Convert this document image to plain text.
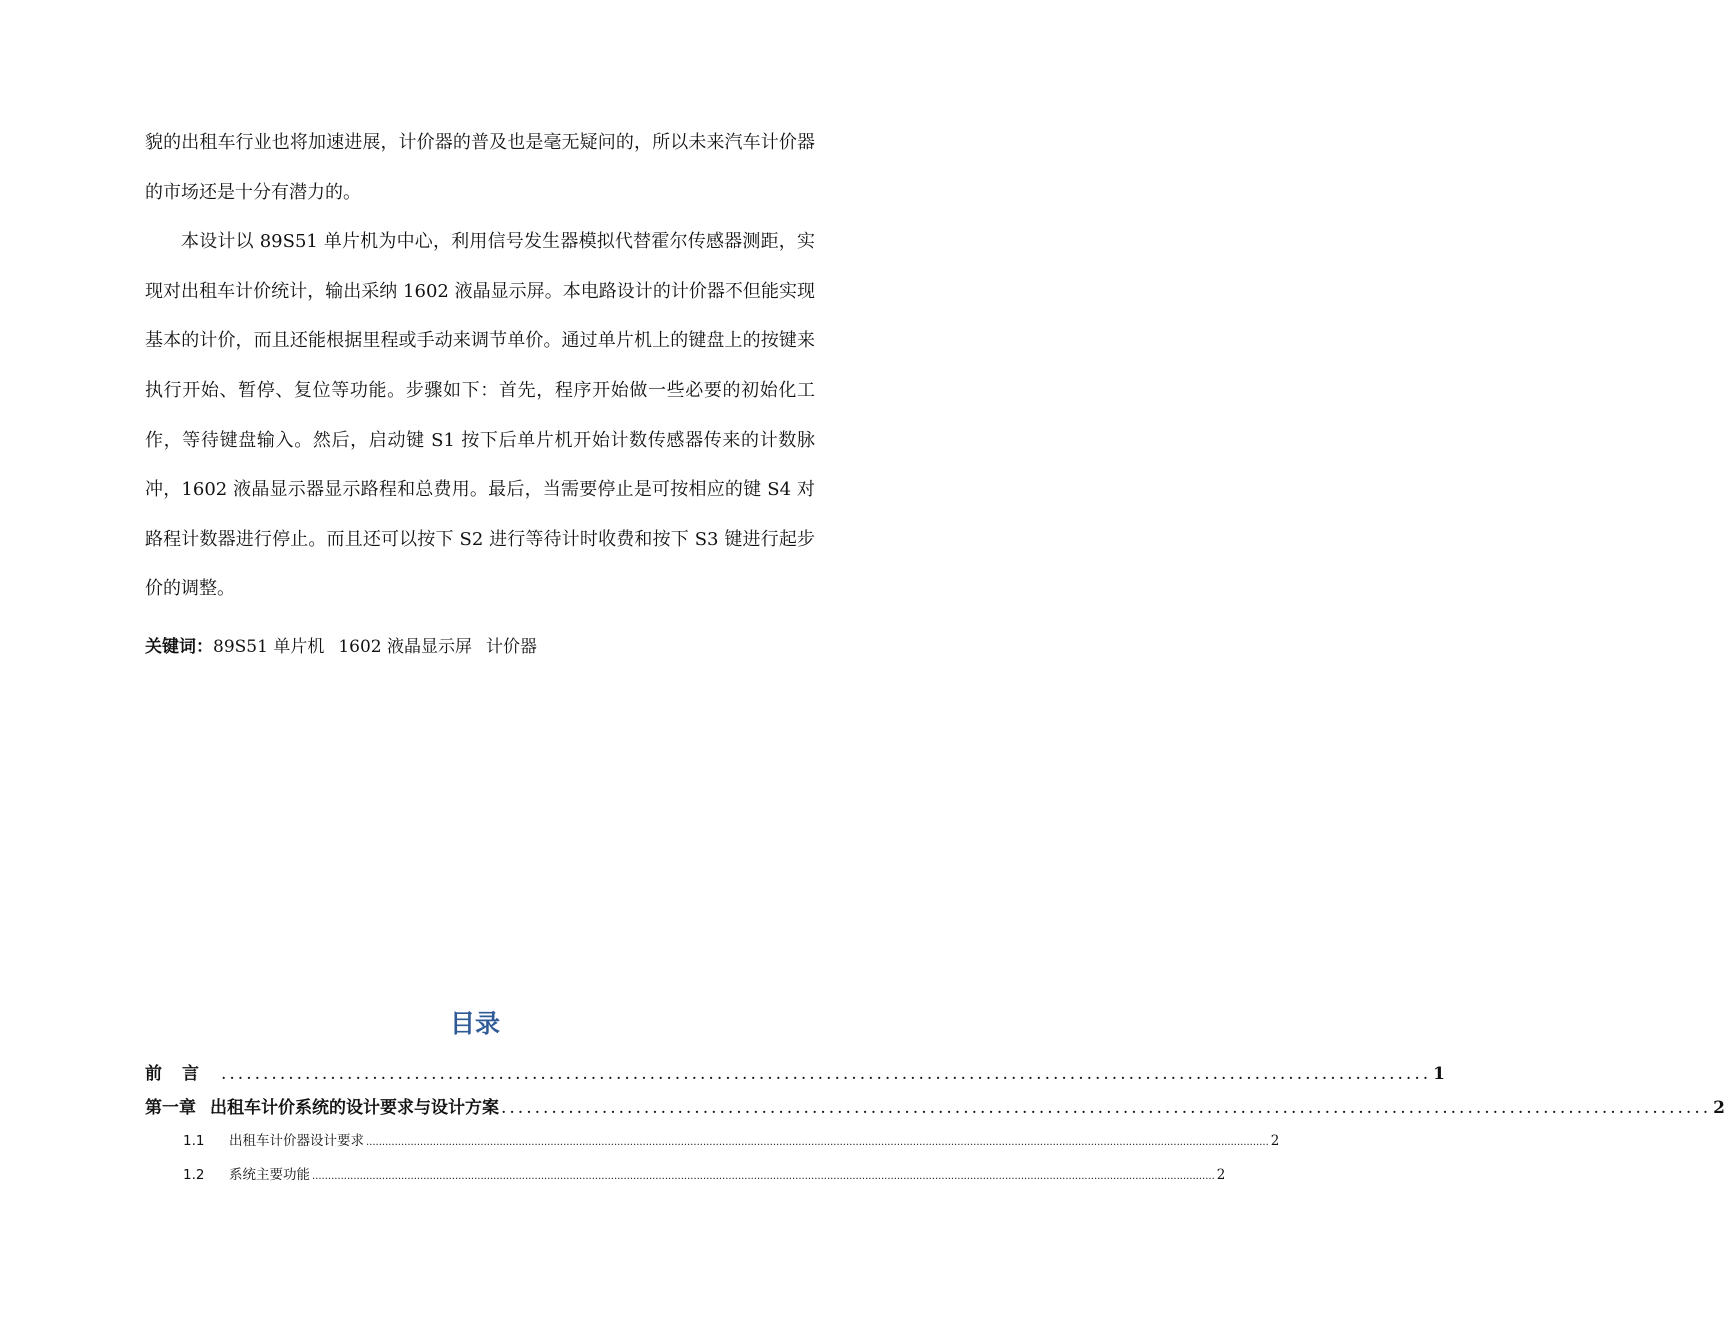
貌的出租车行业也将加速进展，计价器的普及也是毫无疑问的，所以未来汽车计价器的市场还是十分有潜力的。

本设计以 89S51 单片机为中心，利用信号发生器模拟代替霍尔传感器测距，实现对出租车计价统计，输出采纳 1602 液晶显示屏。本电路设计的计价器不但能实现基本的计价，而且还能根据里程或手动来调节单价。通过单片机上的键盘上的按键来执行开始、暂停、复位等功能。步骤如下：首先，程序开始做一些必要的初始化工作，等待键盘输入。然后，启动键 S1 按下后单片机开始计数传感器传来的计数脉冲，1602 液晶显示器显示路程和总费用。最后，当需要停止是可按相应的键 S4 对路程计数器进行停止。而且还可以按下 S2 进行等待计时收费和按下 S3 键进行起步价的调整。

关键词：89S51 单片机 1602 液晶显示屏 计价器
目录
前言 ................................................................................................................................................ 1
第一章 出租车计价系统的设计要求与设计方案 ................................................................................................................................................ 2
1.1 出租车计价器设计要求 ............................................................................................................................................................................................................................................................................................ 2
1.2 系统主要功能 ............................................................................................................................................................................................................................................................................................ 2
